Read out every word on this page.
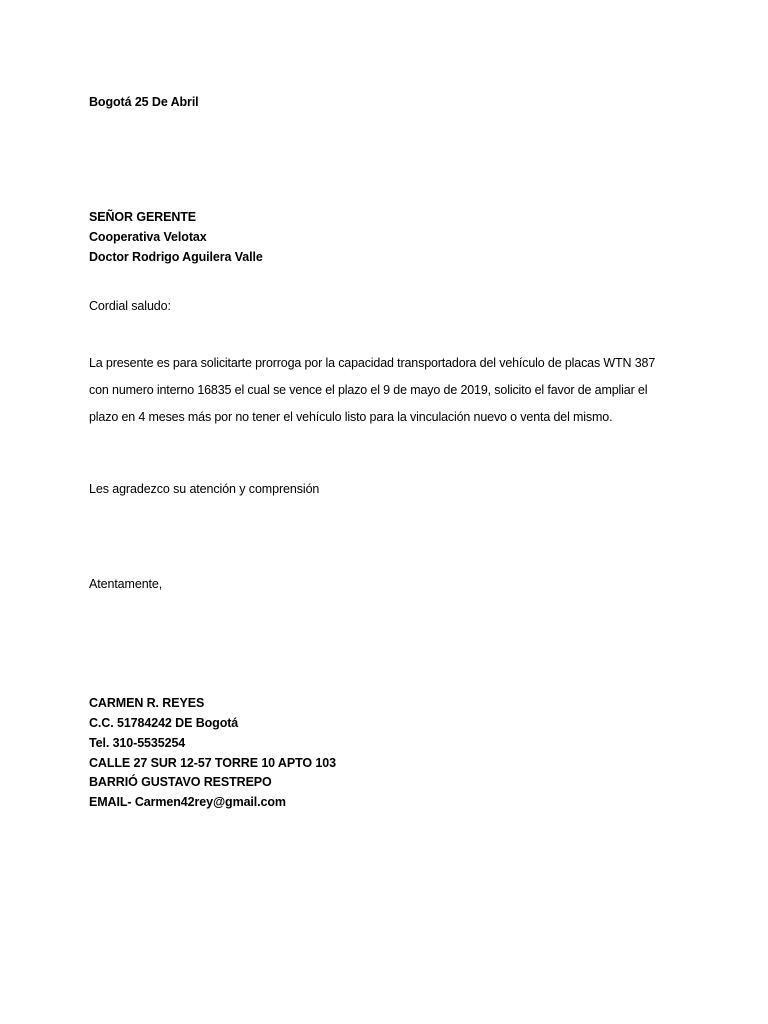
Bogotá 25 De Abril
SEÑOR GERENTE
Cooperativa Velotax
Doctor Rodrigo Aguilera Valle
Cordial saludo:
La presente es para solicitarte prorroga por la capacidad transportadora del vehículo de placas WTN 387
con numero interno 16835 el cual se vence el plazo el 9 de mayo de 2019, solicito el favor de ampliar el
plazo en 4 meses más por no tener el vehículo listo para la vinculación nuevo o venta del mismo.
Les agradezco su atención y comprensión
Atentamente,
CARMEN R. REYES
C.C. 51784242 DE Bogotá
Tel. 310-5535254
CALLE 27 SUR 12-57 TORRE 10 APTO 103
BARRIÓ GUSTAVO RESTREPO
EMAIL- Carmen42rey@gmail.com
